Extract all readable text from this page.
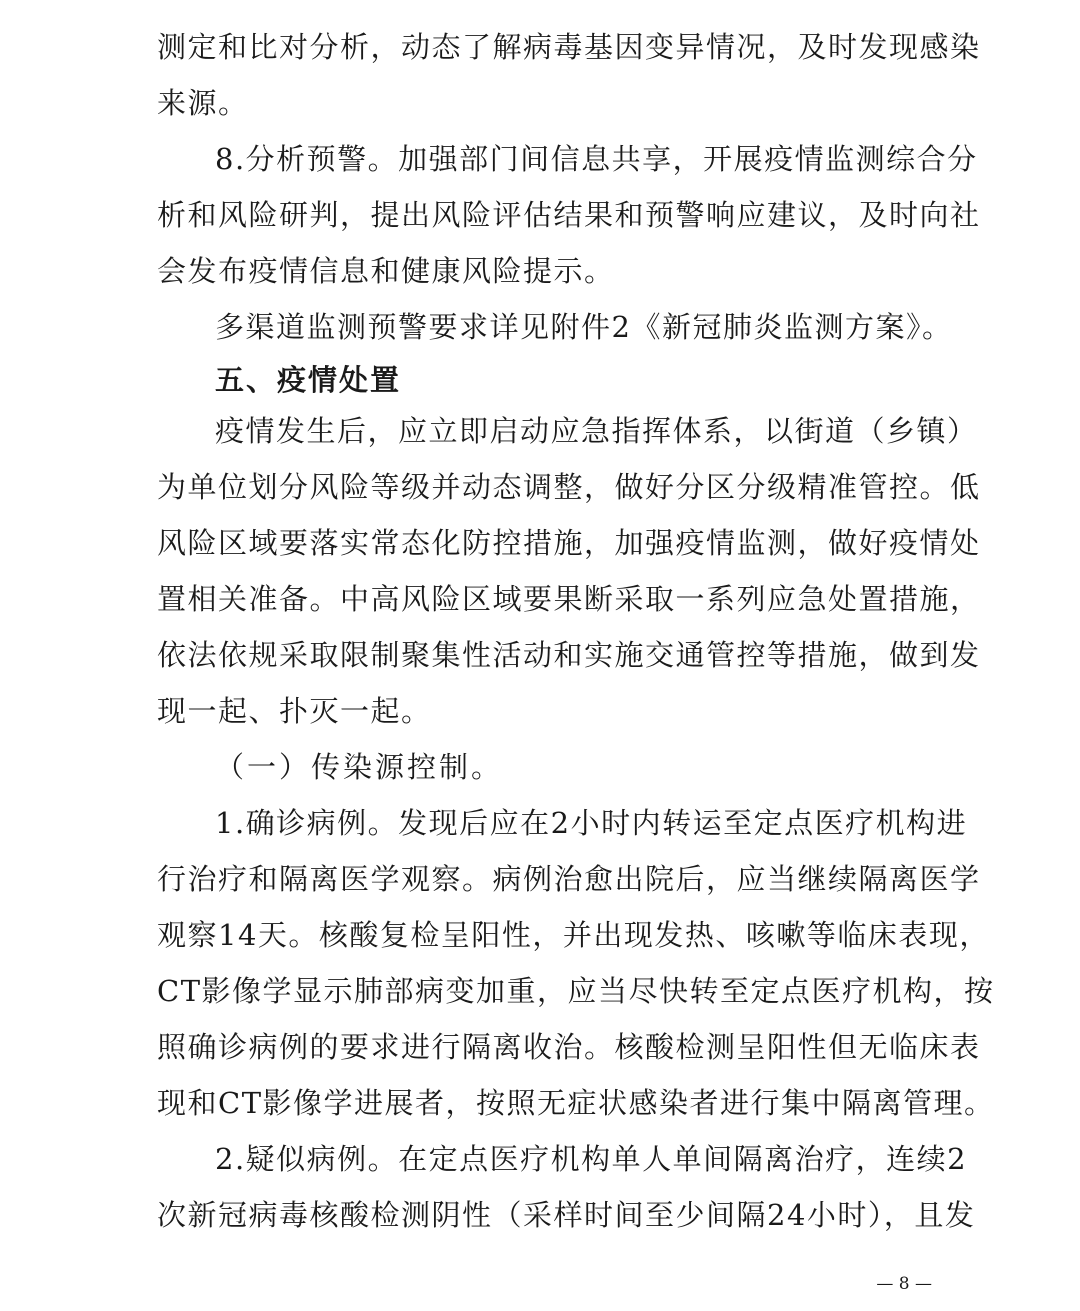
测定和比对分析，动态了解病毒基因变异情况，及时发现感染
来源。
8.分析预警。加强部门间信息共享，开展疫情监测综合分
析和风险研判，提出风险评估结果和预警响应建议，及时向社
会发布疫情信息和健康风险提示。
多渠道监测预警要求详见附件2《新冠肺炎监测方案》。
五、疫情处置
疫情发生后，应立即启动应急指挥体系，以街道（乡镇）
为单位划分风险等级并动态调整，做好分区分级精准管控。低
风险区域要落实常态化防控措施，加强疫情监测，做好疫情处
置相关准备。中高风险区域要果断采取一系列应急处置措施，
依法依规采取限制聚集性活动和实施交通管控等措施，做到发
现一起、扑灭一起。
（一）传染源控制。
1.确诊病例。发现后应在2小时内转运至定点医疗机构进
行治疗和隔离医学观察。病例治愈出院后，应当继续隔离医学
观察14天。核酸复检呈阳性，并出现发热、咳嗽等临床表现，
CT影像学显示肺部病变加重，应当尽快转至定点医疗机构，按
照确诊病例的要求进行隔离收治。核酸检测呈阳性但无临床表
现和CT影像学进展者，按照无症状感染者进行集中隔离管理。
2.疑似病例。在定点医疗机构单人单间隔离治疗，连续2
次新冠病毒核酸检测阴性（采样时间至少间隔24小时），且发
— 8 —
